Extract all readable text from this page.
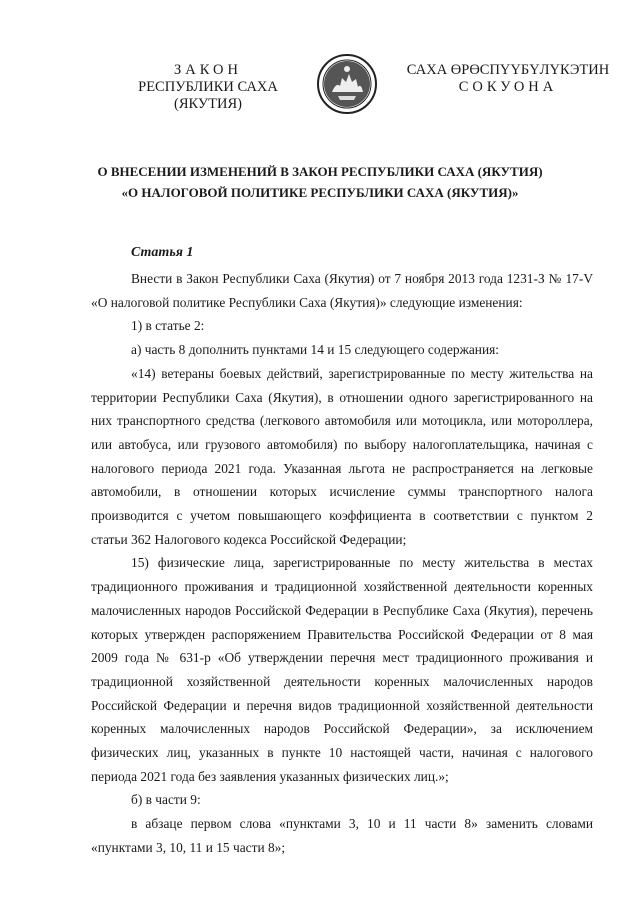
ЗАКОН
РЕСПУБЛИКИ САХА (ЯКУТИЯ)
САХА ӨРӨСПҮҮБҮЛҮКЭТИН
СОКУОНА
О ВНЕСЕНИИ ИЗМЕНЕНИЙ В ЗАКОН РЕСПУБЛИКИ САХА (ЯКУТИЯ)
«О НАЛОГОВОЙ ПОЛИТИКЕ РЕСПУБЛИКИ САХА (ЯКУТИЯ)»
Статья 1

Внести в Закон Республики Саха (Якутия) от 7 ноября 2013 года 1231-З № 17-V «О налоговой политике Республики Саха (Якутия)» следующие изменения:

1) в статье 2:

а) часть 8 дополнить пунктами 14 и 15 следующего содержания:

«14) ветераны боевых действий, зарегистрированные по месту жительства на территории Республики Саха (Якутия), в отношении одного зарегистрированного на них транспортного средства (легкового автомобиля или мотоцикла, или мотороллера, или автобуса, или грузового автомобиля) по выбору налогоплательщика, начиная с налогового периода 2021 года. Указанная льгота не распространяется на легковые автомобили, в отношении которых исчисление суммы транспортного налога производится с учетом повышающего коэффициента в соответствии с пунктом 2 статьи 362 Налогового кодекса Российской Федерации;

15) физические лица, зарегистрированные по месту жительства в местах традиционного проживания и традиционной хозяйственной деятельности коренных малочисленных народов Российской Федерации в Республике Саха (Якутия), перечень которых утвержден распоряжением Правительства Российской Федерации от 8 мая 2009 года № 631-р «Об утверждении перечня мест традиционного проживания и традиционной хозяйственной деятельности коренных малочисленных народов Российской Федерации и перечня видов традиционной хозяйственной деятельности коренных малочисленных народов Российской Федерации», за исключением физических лиц, указанных в пункте 10 настоящей части, начиная с налогового периода 2021 года без заявления указанных физических лиц.»;

б) в части 9:

в абзаце первом слова «пунктами 3, 10 и 11 части 8» заменить словами «пунктами 3, 10, 11 и 15 части 8»;
